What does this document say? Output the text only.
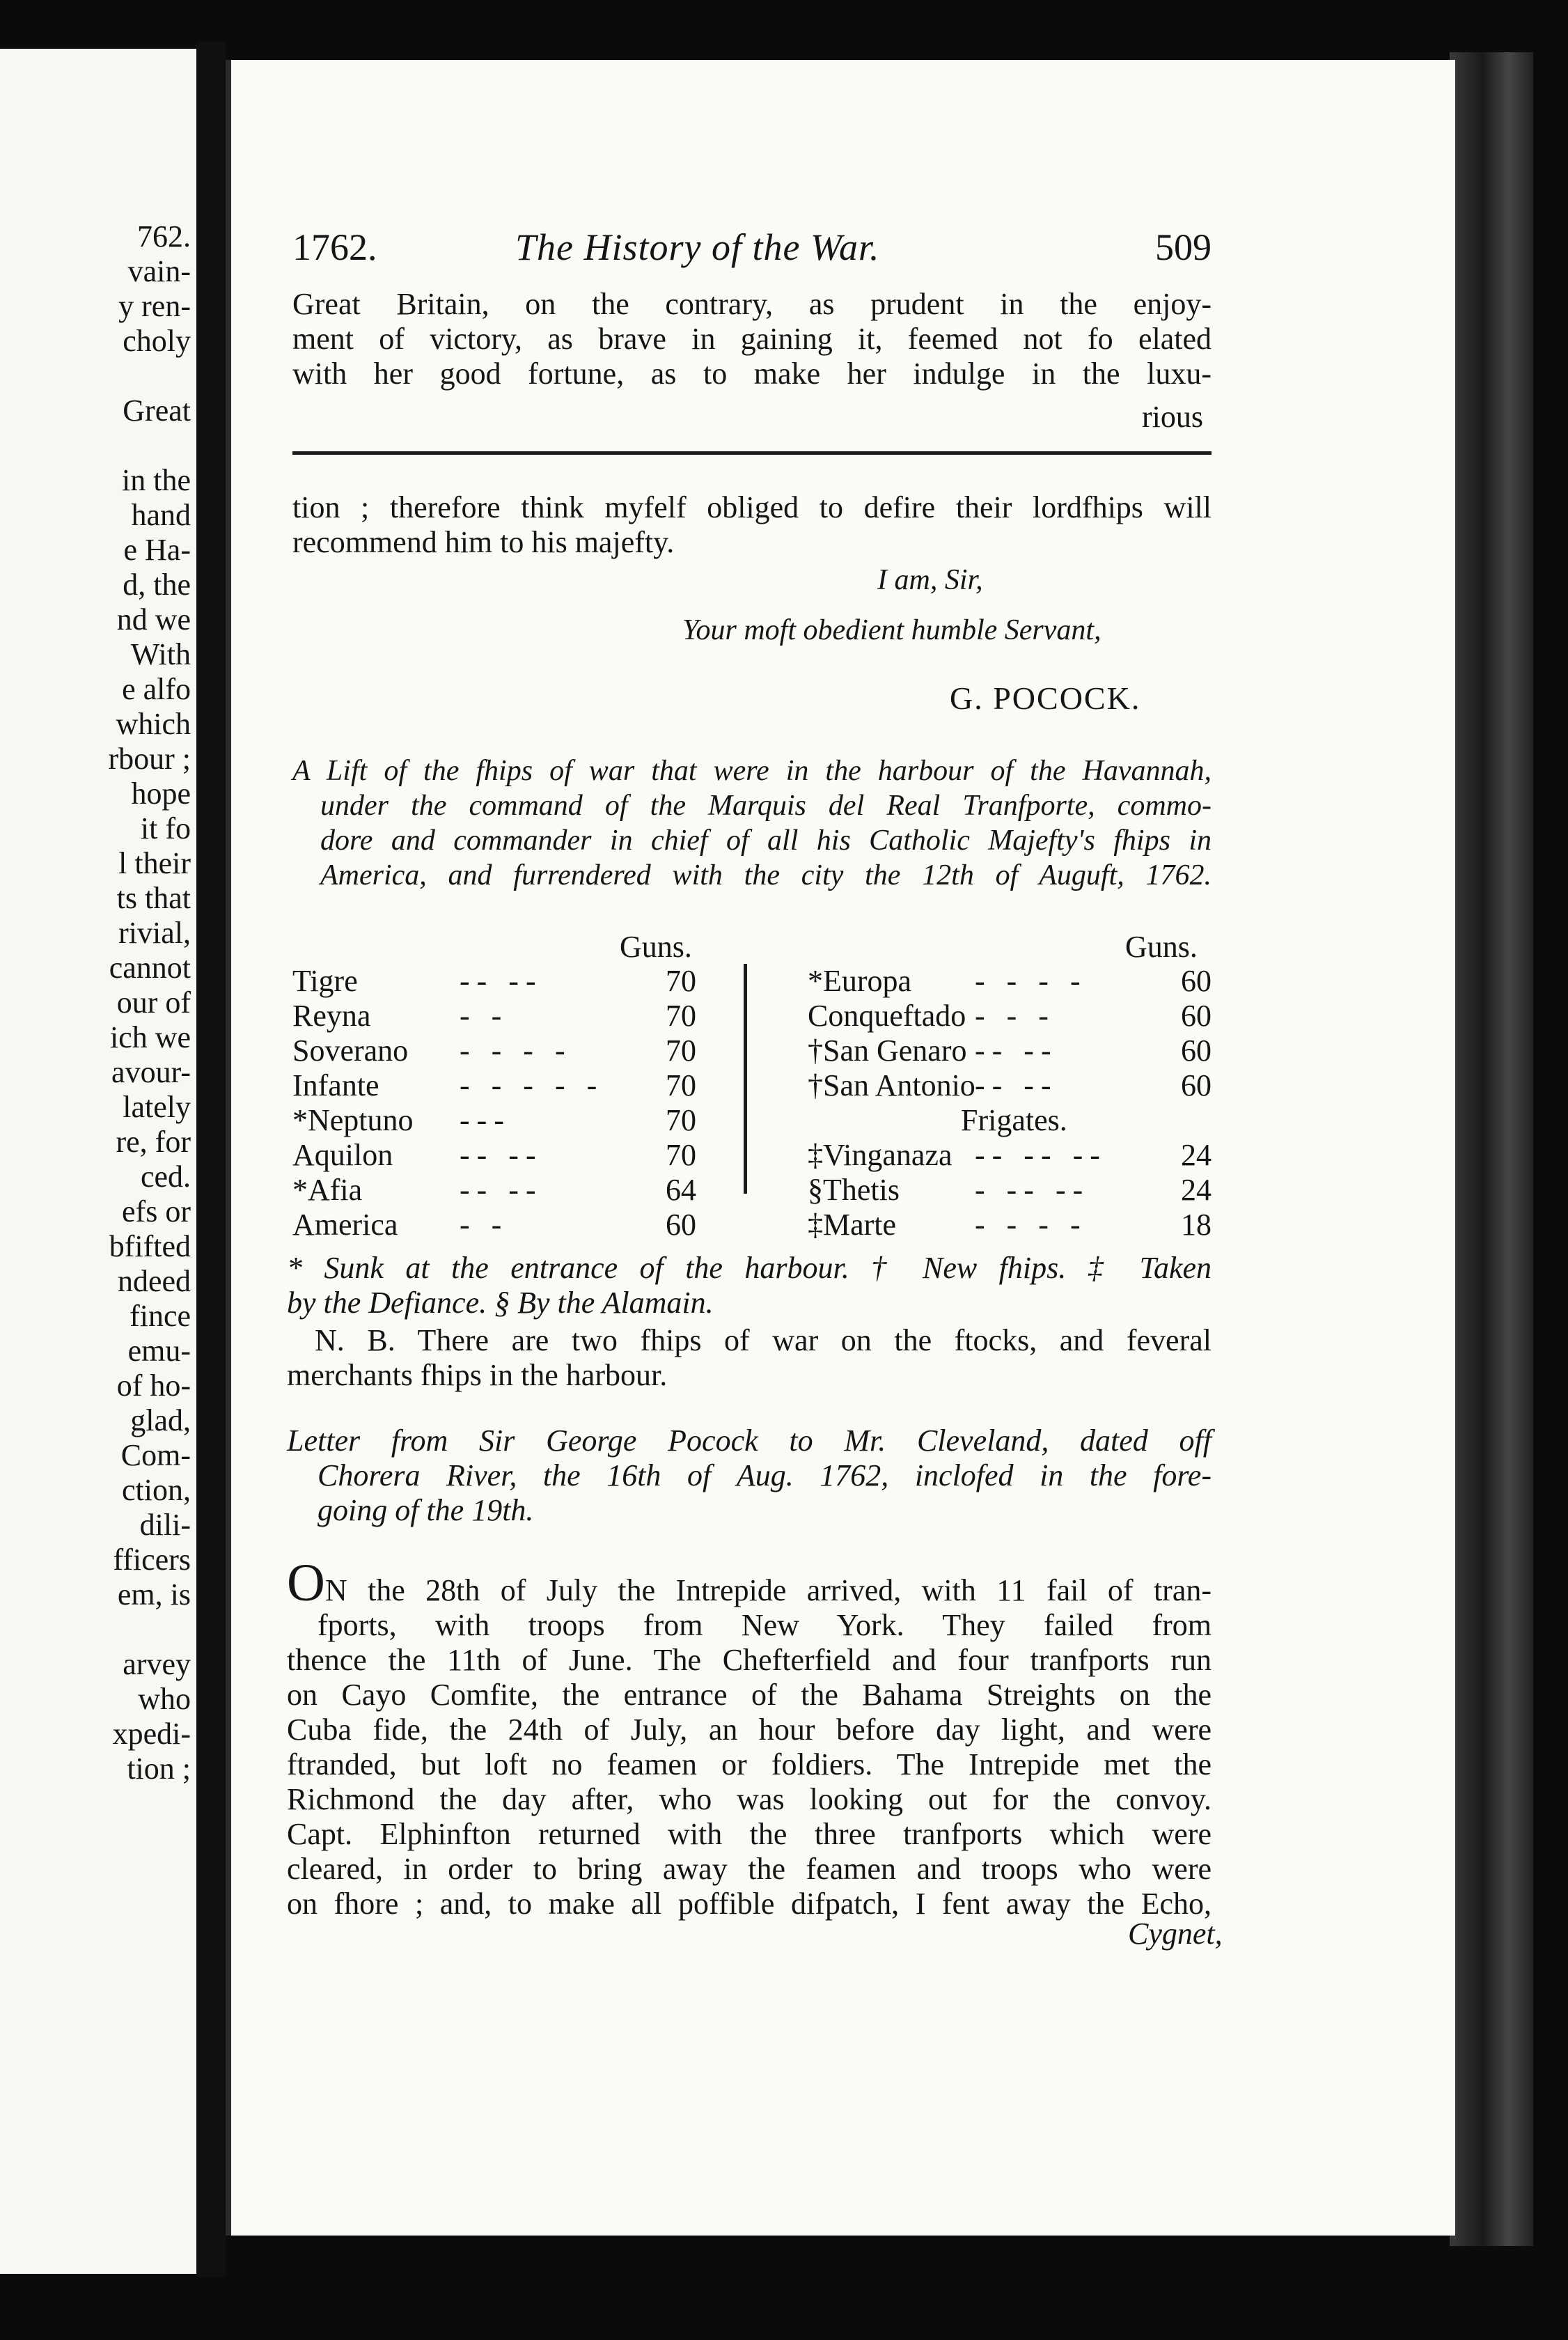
762.
vain-
y ren-
choly
Great
in the
hand
e Ha-
d, the
nd we
With
e alfo
which
rbour ;
hope
it fo
l their
ts that
rivial,
cannot
our of
ich we
avour-
lately
re, for
ced.
efs or
bfifted
ndeed
fince
emu-
of ho-
glad,
Com-
ction,
dili-
fficers
em, is
arvey
who
xpedi-
tion ;
1762.	The History of the War.	509
Great Britain, on the contrary, as prudent in the enjoy-
ment of victory, as brave in gaining it, feemed not fo elated
with her good fortune, as to make her indulge in the luxu-
rious
tion ; therefore think myfelf obliged to defire their lordfhips will
recommend him to his majefty.
I am, Sir,
Your moft obedient humble Servant,
G. POCOCK.
A Lift of the fhips of war that were in the harbour of the Havannah,
under the command of the Marquis del Real Tranfporte, commo-
dore and commander in chief of all his Catholic Majefty's fhips in
America, and furrendered with the city the 12th of Auguft, 1762.
Guns.	Guns.
Tigre	-- --	70
Reyna	- -	70
Soverano - - - -	70
Infante	- - - - - 70
*Neptuno ---	70
Aquilon -- --	70
*Afia	-- --	64
America - -	60
*Europa - - - -	60
Conqueftado - - -	60
†San Genaro -- --	60
†San Antonio -- --	60
Frigates.
‡Vinganaza -- -- -- 24
§Thetis - -- --	24
‡Marte	- - - -	18
* Sunk at the entrance of the harbour. † New fhips. ‡ Taken
by the Defiance. § By the Alamain.
N. B. There are two fhips of war on the ftocks, and feveral
merchants fhips in the harbour.
Letter from Sir George Pocock to Mr. Cleveland, dated off
Chorera River, the 16th of Aug. 1762, inclofed in the fore-
going of the 19th.
ON the 28th of July the Intrepide arrived, with 11 fail of tran-
fports, with troops from New York. They failed from
thence the 11th of June. The Chefterfield and four tranfports run
on Cayo Comfite, the entrance of the Bahama Streights on the
Cuba fide, the 24th of July, an hour before day light, and were
ftranded, but loft no feamen or foldiers. The Intrepide met the
Richmond the day after, who was looking out for the convoy.
Capt. Elphinfton returned with the three tranfports which were
cleared, in order to bring away the feamen and troops who were
on fhore ; and, to make all poffible difpatch, I fent away the Echo,
Cygnet,
